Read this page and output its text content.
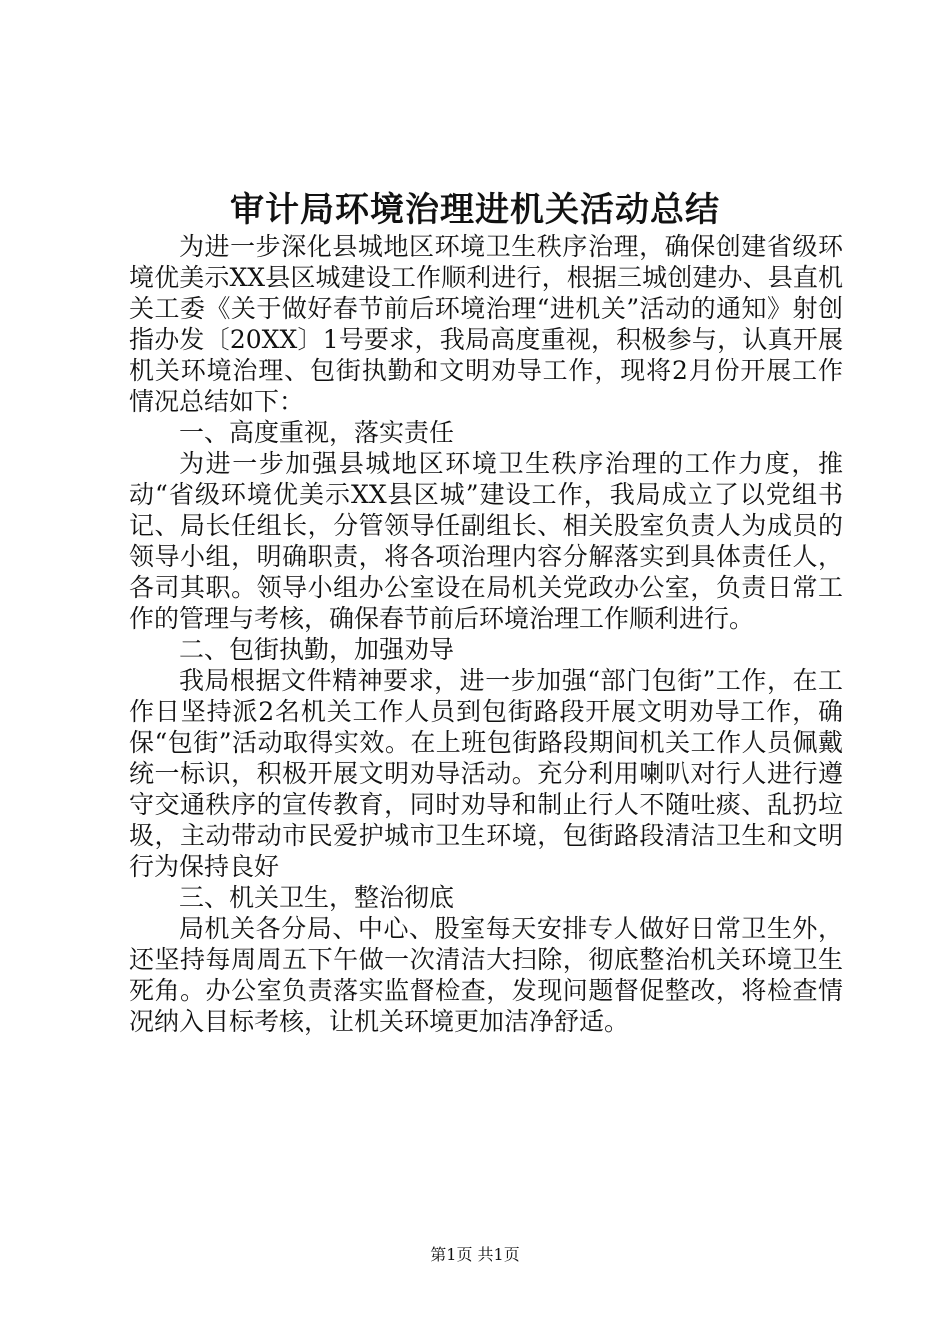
审计局环境治理进机关活动总结

为进一步深化县城地区环境卫生秩序治理，确保创建省级环境优美示XX县区城建设工作顺利进行，根据三城创建办、县直机关工委《关于做好春节前后环境治理“进机关”活动的通知》射创指办发〔20XX〕1号要求，我局高度重视，积极参与，认真开展机关环境治理、包街执勤和文明劝导工作，现将2月份开展工作情况总结如下：

一、高度重视，落实责任

为进一步加强县城地区环境卫生秩序治理的工作力度，推动“省级环境优美示XX县区城”建设工作，我局成立了以党组书记、局长任组长，分管领导任副组长、相关股室负责人为成员的领导小组，明确职责，将各项治理内容分解落实到具体责任人，各司其职。领导小组办公室设在局机关党政办公室，负责日常工作的管理与考核，确保春节前后环境治理工作顺利进行。

二、包街执勤，加强劝导

我局根据文件精神要求，进一步加强“部门包街”工作，在工作日坚持派2名机关工作人员到包街路段开展文明劝导工作，确保“包街”活动取得实效。在上班包街路段期间机关工作人员佩戴统一标识，积极开展文明劝导活动。充分利用喇叭对行人进行遵守交通秩序的宣传教育，同时劝导和制止行人不随吐痰、乱扔垃圾，主动带动市民爱护城市卫生环境，包街路段清洁卫生和文明行为保持良好

三、机关卫生，整治彻底

局机关各分局、中心、股室每天安排专人做好日常卫生外，还坚持每周周五下午做一次清洁大扫除，彻底整治机关环境卫生死角。办公室负责落实监督检查，发现问题督促整改，将检查情况纳入目标考核，让机关环境更加洁净舒适。

第1页 共1页
